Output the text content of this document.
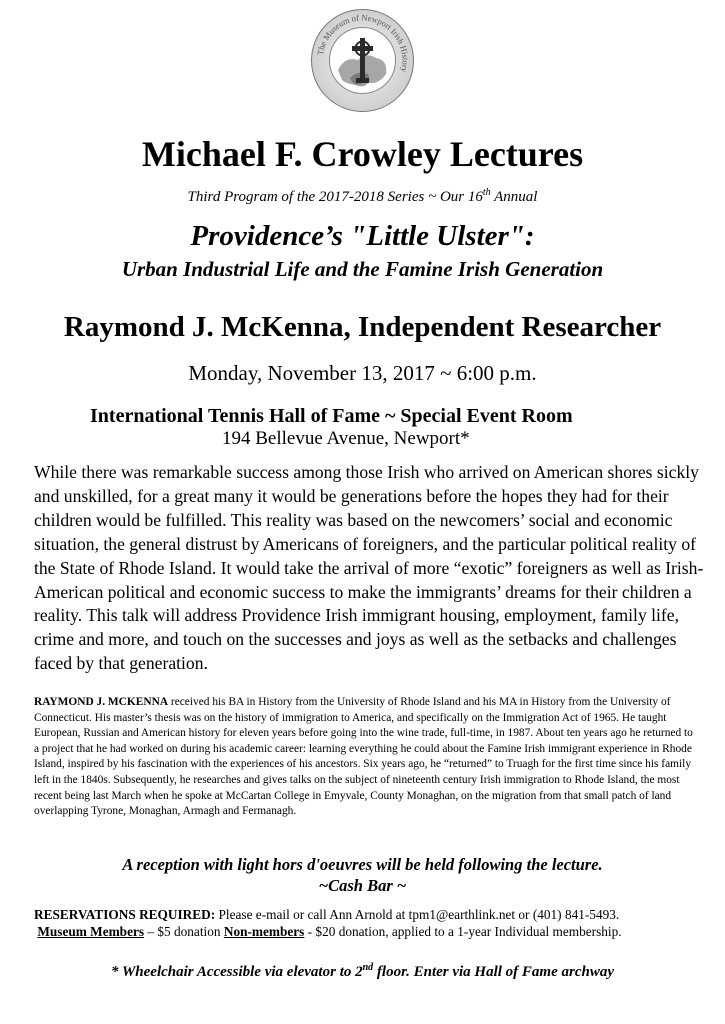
The Museum of Newport Irish History
Michael F. Crowley Lectures
Third Program of the 2017-2018 Series ~ Our 16th Annual
Providence’s "Little Ulster":
Urban Industrial Life and the Famine Irish Generation
Raymond J. McKenna, Independent Researcher
Monday, November 13, 2017 ~ 6:00 p.m.
International Tennis Hall of Fame ~ Special Event Room
194 Bellevue Avenue, Newport*

While there was remarkable success among those Irish who arrived on American shores sickly and unskilled, for a great many it would be generations before the hopes they had for their children would be fulfilled. This reality was based on the newcomers’ social and economic situation, the general distrust by Americans of foreigners, and the particular political reality of the State of Rhode Island. It would take the arrival of more “exotic” foreigners as well as Irish-American political and economic success to make the immigrants’ dreams for their children a reality. This talk will address Providence Irish immigrant housing, employment, family life, crime and more, and touch on the successes and joys as well as the setbacks and challenges faced by that generation.

RAYMOND J. MCKENNA received his BA in History from the University of Rhode Island and his MA in History from the University of Connecticut. His master’s thesis was on the history of immigration to America, and specifically on the Immigration Act of 1965. He taught European, Russian and American history for eleven years before going into the wine trade, full-time, in 1987. About ten years ago he returned to a project that he had worked on during his academic career: learning everything he could about the Famine Irish immigrant experience in Rhode Island, inspired by his fascination with the experiences of his ancestors. Six years ago, he “returned” to Truagh for the first time since his family left in the 1840s. Subsequently, he researches and gives talks on the subject of nineteenth century Irish immigration to Rhode Island, the most recent being last March when he spoke at McCartan College in Emyvale, County Monaghan, on the migration from that small patch of land overlapping Tyrone, Monaghan, Armagh and Fermanagh.

A reception with light hors d'oeuvres will be held following the lecture.
~Cash Bar ~
RESERVATIONS REQUIRED: Please e-mail or call Ann Arnold at tpm1@earthlink.net or (401) 841-5493.
Museum Members – $5 donation Non-members - $20 donation, applied to a 1-year Individual membership.
* Wheelchair Accessible via elevator to 2nd floor. Enter via Hall of Fame archway
